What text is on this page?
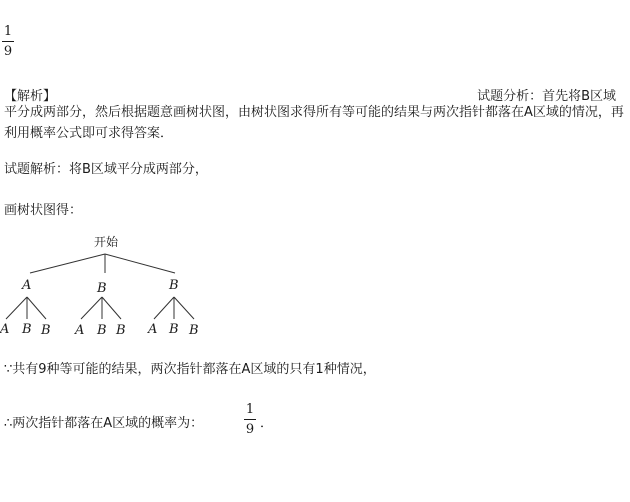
1
9
【解析】	试题分析：首先将B区域
平分成两部分，然后根据题意画树状图，由树状图求得所有等可能的结果与两次指针都落在A区域的情况，再利用概率公式即可求得答案．
试题解析：将B区域平分成两部分，
画树状图得：
开始
A	B	B
A B B A B B A B B
∵共有9种等可能的结果，两次指针都落在A区域的只有1种情况，
∴两次指针都落在A区域的概率为：
1
9 ．
